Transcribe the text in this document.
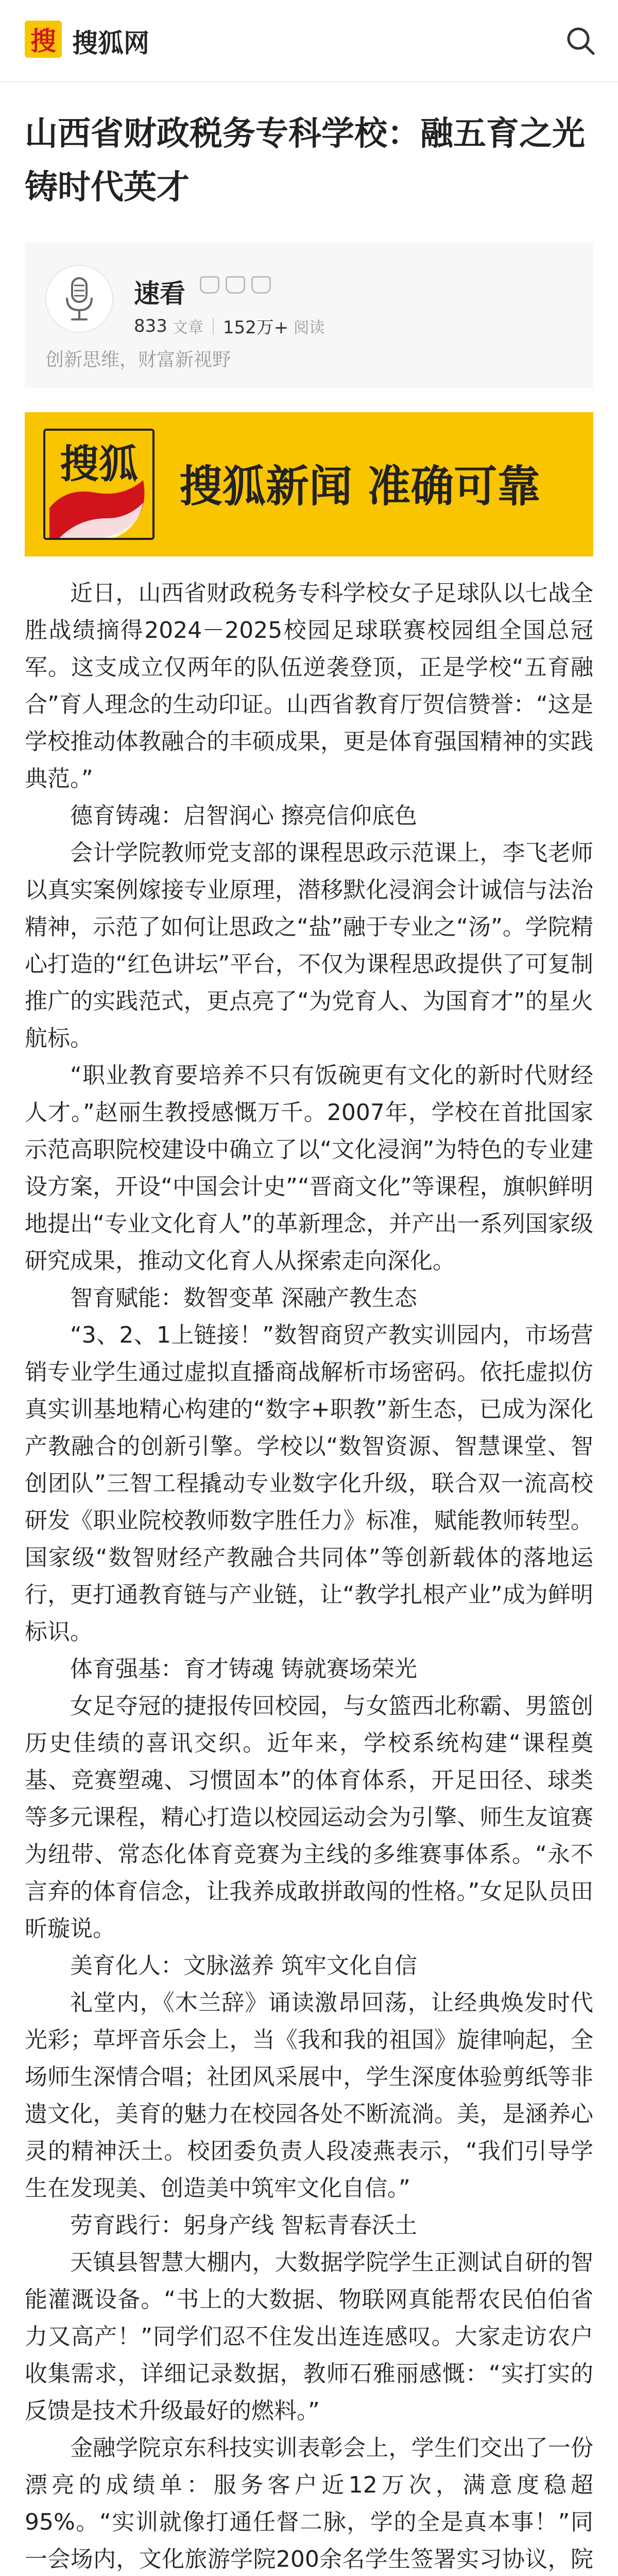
搜 搜狐网
山西省财政税务专科学校：融五育之光 铸时代英才
速看
833 文章 152万+ 阅读
创新思维，财富新视野
搜狐 搜狐新闻 准确可靠

近日，山西省财政税务专科学校女子足球队以七战全胜战绩摘得2024－2025校园足球联赛校园组全国总冠军。这支成立仅两年的队伍逆袭登顶，正是学校“五育融合”育人理念的生动印证。山西省教育厅贺信赞誉：“这是学校推动体教融合的丰硕成果，更是体育强国精神的实践典范。”

德育铸魂：启智润心 擦亮信仰底色

会计学院教师党支部的课程思政示范课上，李飞老师以真实案例嫁接专业原理，潜移默化浸润会计诚信与法治精神，示范了如何让思政之“盐”融于专业之“汤”。学院精心打造的“红色讲坛”平台，不仅为课程思政提供了可复制推广的实践范式，更点亮了“为党育人、为国育才”的星火航标。

“职业教育要培养不只有饭碗更有文化的新时代财经人才。”赵丽生教授感慨万千。2007年，学校在首批国家示范高职院校建设中确立了以“文化浸润”为特色的专业建设方案，开设“中国会计史”“晋商文化”等课程，旗帜鲜明地提出“专业文化育人”的革新理念，并产出一系列国家级研究成果，推动文化育人从探索走向深化。

智育赋能：数智变革 深融产教生态

“3、2、1上链接！”数智商贸产教实训园内，市场营销专业学生通过虚拟直播商战解析市场密码。依托虚拟仿真实训基地精心构建的“数字+职教”新生态，已成为深化产教融合的创新引擎。学校以“数智资源、智慧课堂、智创团队”三智工程撬动专业数字化升级，联合双一流高校研发《职业院校教师数字胜任力》标准，赋能教师转型。国家级“数智财经产教融合共同体”等创新载体的落地运行，更打通教育链与产业链，让“教学扎根产业”成为鲜明标识。

体育强基：育才铸魂 铸就赛场荣光

女足夺冠的捷报传回校园，与女篮西北称霸、男篮创历史佳绩的喜讯交织。近年来，学校系统构建“课程奠基、竞赛塑魂、习惯固本”的体育体系，开足田径、球类等多元课程，精心打造以校园运动会为引擎、师生友谊赛为纽带、常态化体育竞赛为主线的多维赛事体系。“永不言弃的体育信念，让我养成敢拼敢闯的性格。”女足队员田昕璇说。

美育化人：文脉滋养 筑牢文化自信

礼堂内，《木兰辞》诵读激昂回荡，让经典焕发时代光彩；草坪音乐会上，当《我和我的祖国》旋律响起，全场师生深情合唱；社团风采展中，学生深度体验剪纸等非遗文化，美育的魅力在校园各处不断流淌。美，是涵养心灵的精神沃土。校团委负责人段凌燕表示，“我们引导学生在发现美、创造美中筑牢文化自信。”

劳育践行：躬身产线 智耘青春沃土

天镇县智慧大棚内，大数据学院学生正测试自研的智能灌溉设备。“书上的大数据、物联网真能帮农民伯伯省力又高产！”同学们忍不住发出连连感叹。大家走访农户收集需求，详细记录数据，教师石雅丽感慨：“实打实的反馈是技术升级最好的燃料。”

金融学院京东科技实训表彰会上，学生们交出了一份漂亮的成绩单：服务客户近12万次，满意度稳超95%。“实训就像打通任督二脉，学的全是真本事！”同一会场内，文化旅游学院200余名学生签署实习协议，院
